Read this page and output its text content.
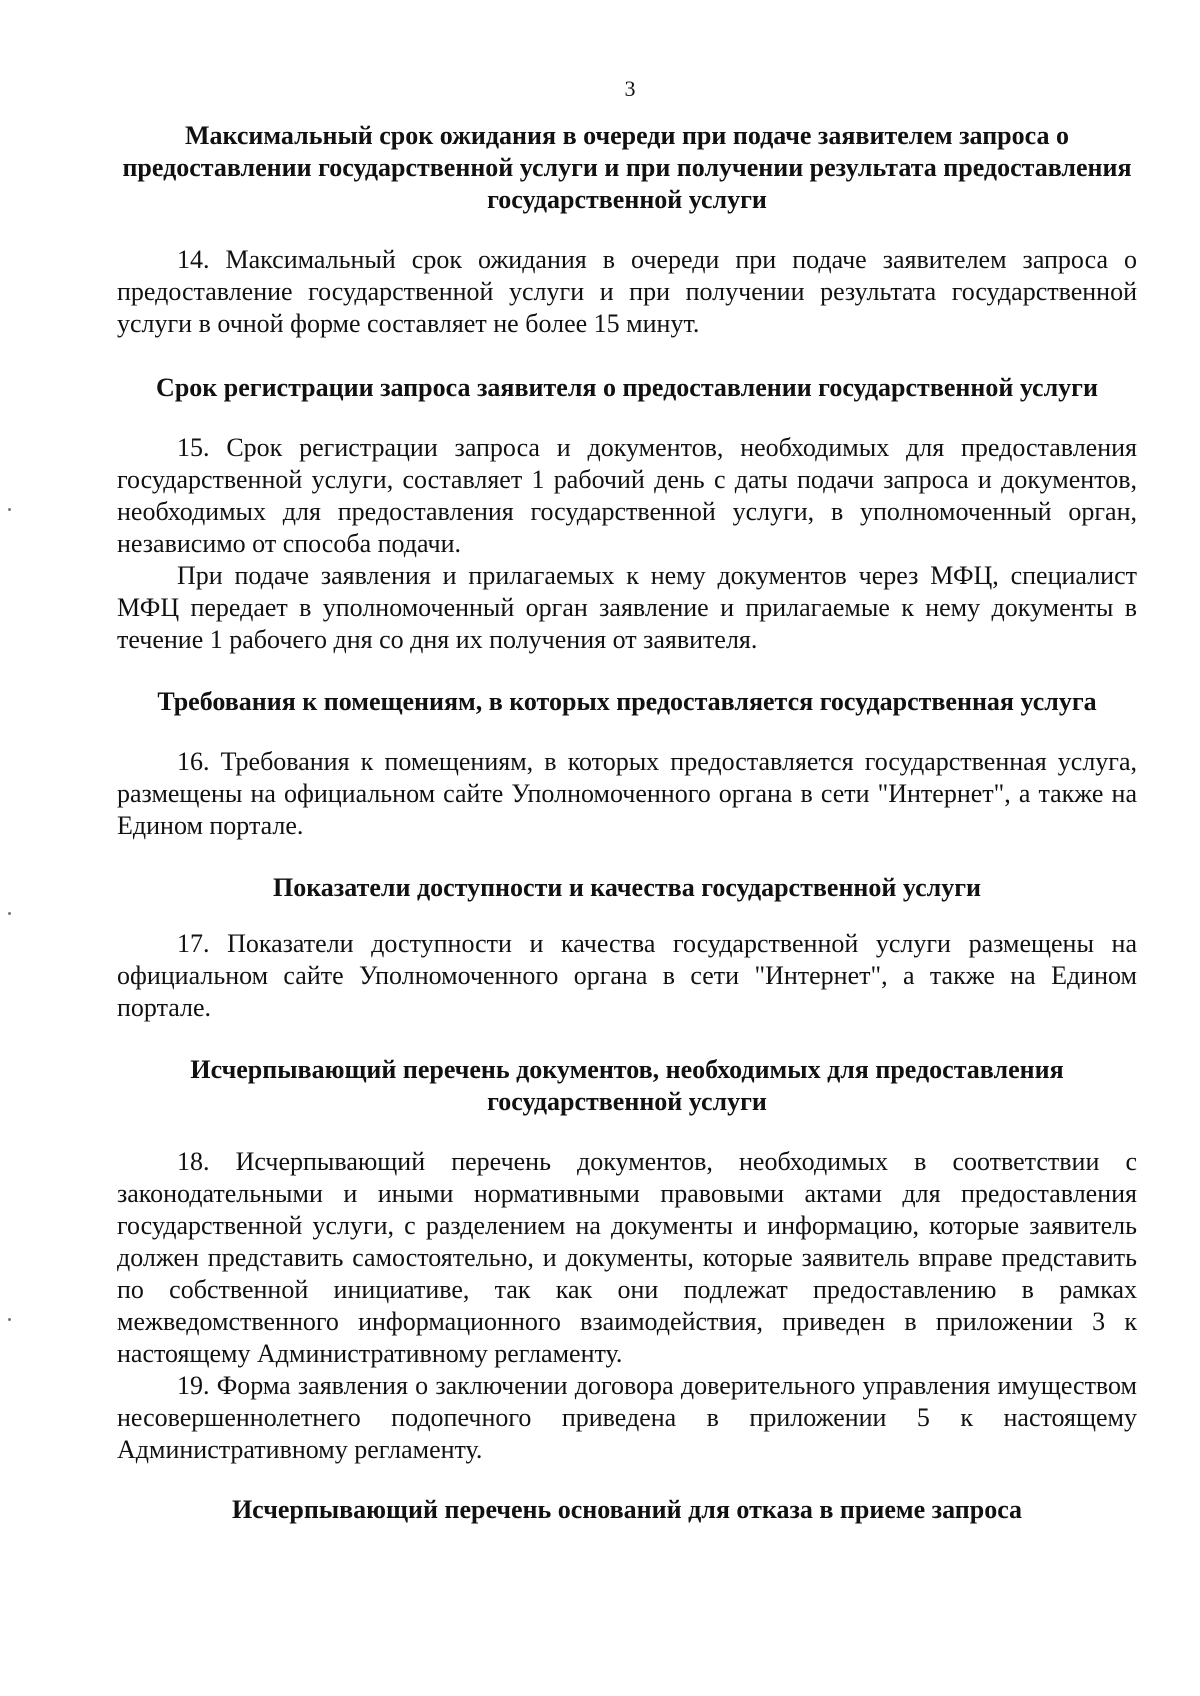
3
Максимальный срок ожидания в очереди при подаче заявителем запроса о предоставлении государственной услуги и при получении результата предоставления государственной услуги

14. Максимальный срок ожидания в очереди при подаче заявителем запроса о предоставление государственной услуги и при получении результата государственной услуги в очной форме составляет не более 15 минут.

Срок регистрации запроса заявителя о предоставлении государственной услуги

15. Срок регистрации запроса и документов, необходимых для предоставления государственной услуги, составляет 1 рабочий день с даты подачи запроса и документов, необходимых для предоставления государственной услуги, в уполномоченный орган, независимо от способа подачи.

При подаче заявления и прилагаемых к нему документов через МФЦ, специалист МФЦ передает в уполномоченный орган заявление и прилагаемые к нему документы в течение 1 рабочего дня со дня их получения от заявителя.

Требования к помещениям, в которых предоставляется государственная услуга

16. Требования к помещениям, в которых предоставляется государственная услуга, размещены на официальном сайте Уполномоченного органа в сети "Интернет", а также на Едином портале.

Показатели доступности и качества государственной услуги

17. Показатели доступности и качества государственной услуги размещены на официальном сайте Уполномоченного органа в сети "Интернет", а также на Едином портале.

Исчерпывающий перечень документов, необходимых для предоставления государственной услуги

18. Исчерпывающий перечень документов, необходимых в соответствии с законодательными и иными нормативными правовыми актами для предоставления государственной услуги, с разделением на документы и информацию, которые заявитель должен представить самостоятельно, и документы, которые заявитель вправе представить по собственной инициативе, так как они подлежат предоставлению в рамках межведомственного информационного взаимодействия, приведен в приложении 3 к настоящему Административному регламенту.

19. Форма заявления о заключении договора доверительного управления имуществом несовершеннолетнего подопечного приведена в приложении 5 к настоящему Административному регламенту.

Исчерпывающий перечень оснований для отказа в приеме запроса
